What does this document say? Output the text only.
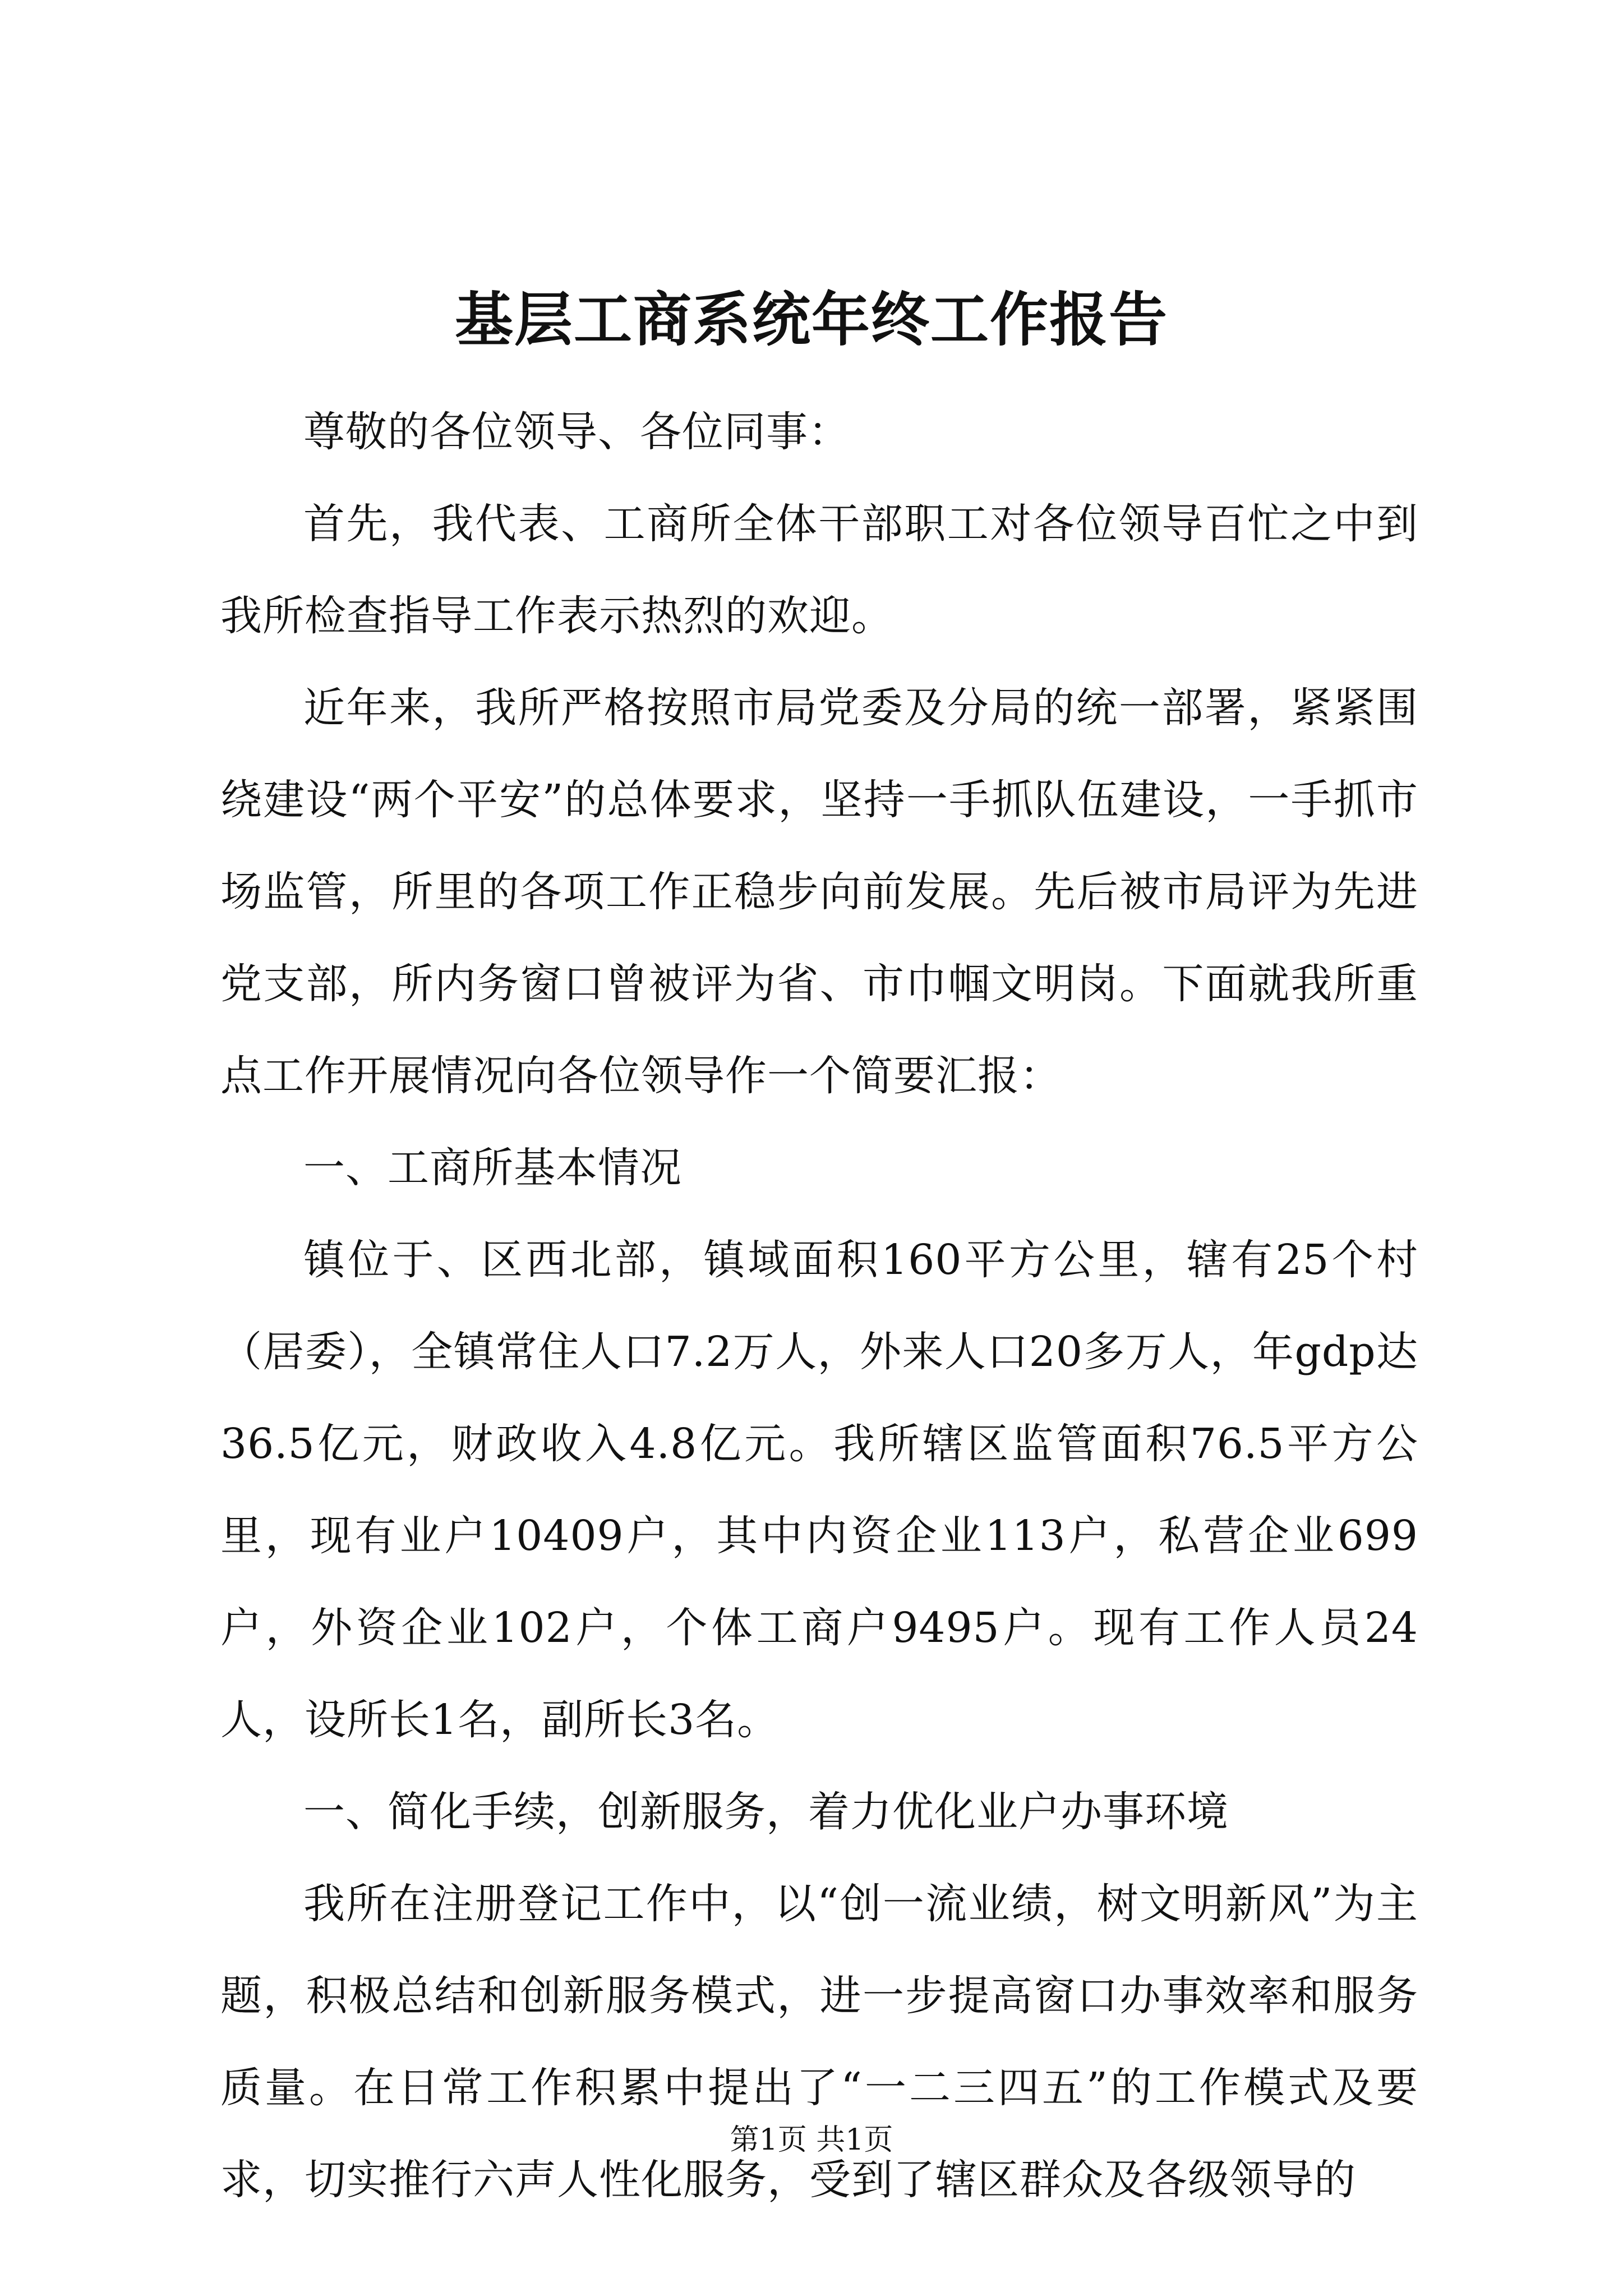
基层工商系统年终工作报告

尊敬的各位领导、各位同事：

首先，我代表、工商所全体干部职工对各位领导百忙之中到我所检查指导工作表示热烈的欢迎。

近年来，我所严格按照市局党委及分局的统一部署，紧紧围绕建设“两个平安”的总体要求，坚持一手抓队伍建设，一手抓市场监管，所里的各项工作正稳步向前发展。先后被市局评为先进党支部，所内务窗口曾被评为省、市巾帼文明岗。下面就我所重点工作开展情况向各位领导作一个简要汇报：

一、工商所基本情况

镇位于、区西北部，镇域面积160平方公里，辖有25个村（居委），全镇常住人口7.2万人，外来人口20多万人，年gdp达36.5亿元，财政收入4.8亿元。我所辖区监管面积76.5平方公里，现有业户10409户，其中内资企业113户，私营企业699户，外资企业102户，个体工商户9495户。现有工作人员24人，设所长1名，副所长3名。

一、简化手续，创新服务，着力优化业户办事环境

我所在注册登记工作中，以“创一流业绩，树文明新风”为主题，积极总结和创新服务模式，进一步提高窗口办事效率和服务质量。在日常工作积累中提出了“一二三四五”的工作模式及要求，切实推行六声人性化服务，受到了辖区群众及各级领导的

第1页 共1页
